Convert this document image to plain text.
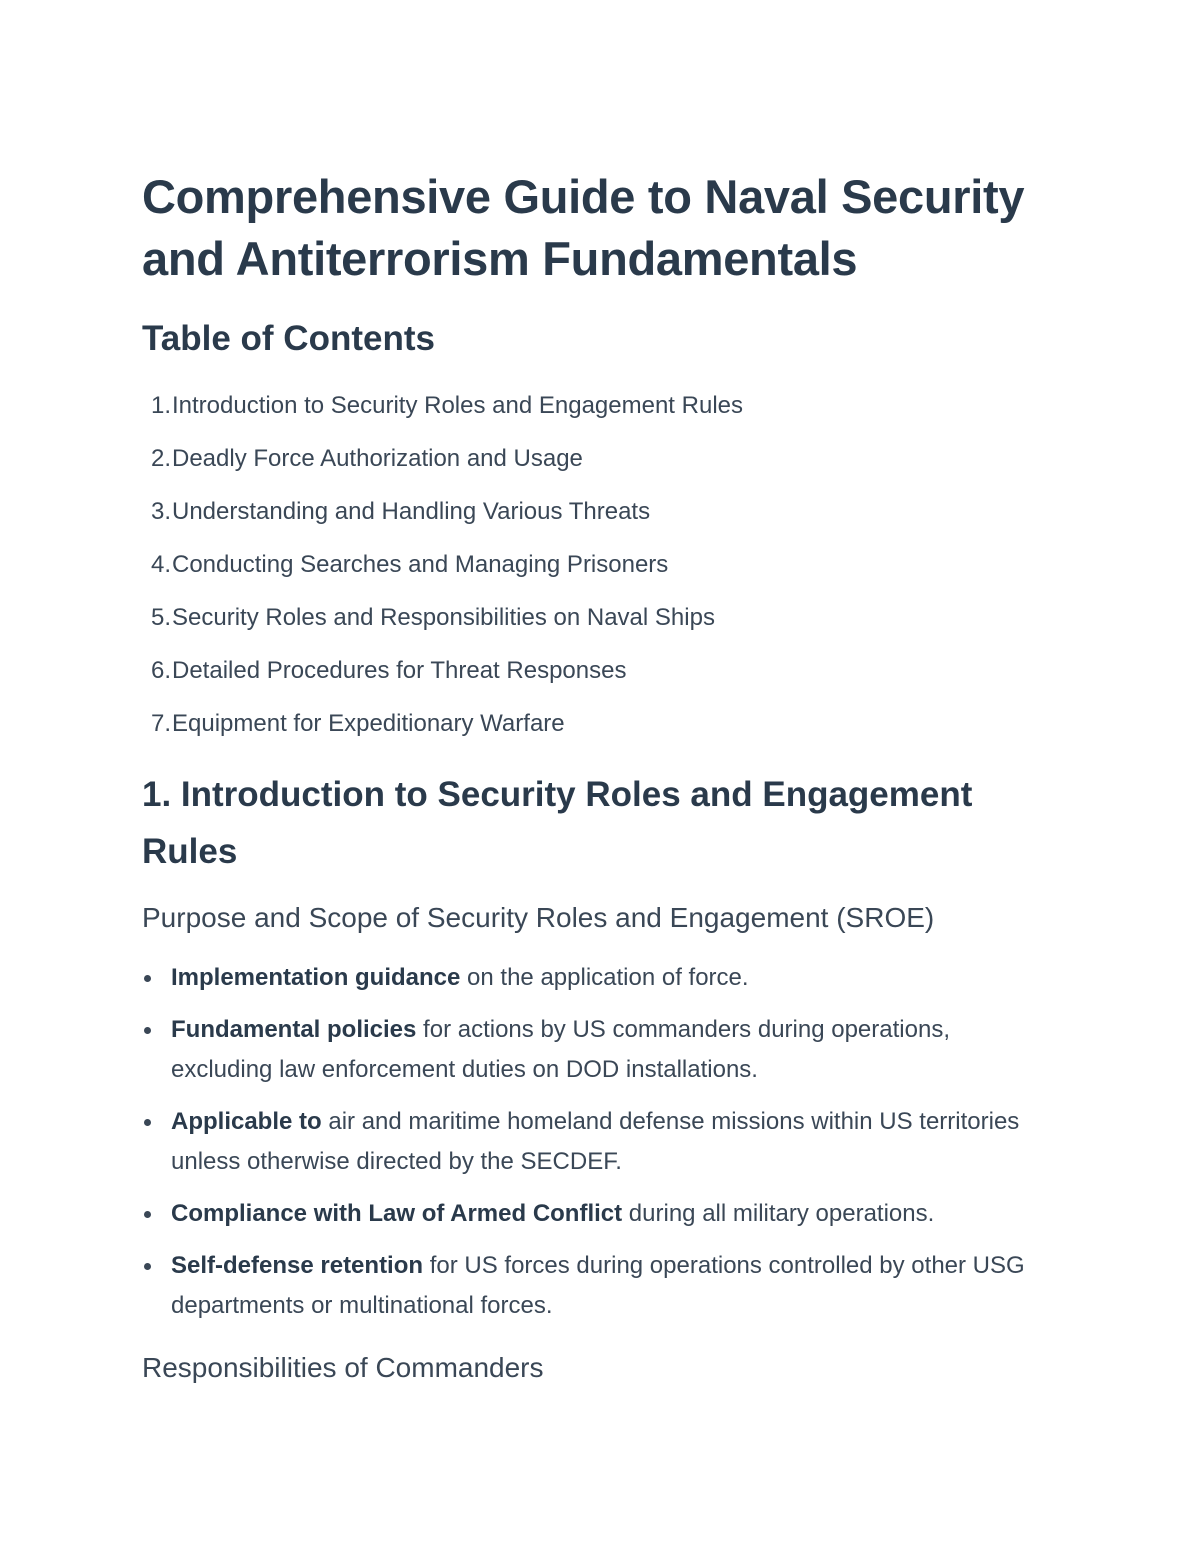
Comprehensive Guide to Naval Security and Antiterrorism Fundamentals
Table of Contents
1. Introduction to Security Roles and Engagement Rules
2. Deadly Force Authorization and Usage
3. Understanding and Handling Various Threats
4. Conducting Searches and Managing Prisoners
5. Security Roles and Responsibilities on Naval Ships
6. Detailed Procedures for Threat Responses
7. Equipment for Expeditionary Warfare
1. Introduction to Security Roles and Engagement Rules
Purpose and Scope of Security Roles and Engagement (SROE)
Implementation guidance on the application of force.
Fundamental policies for actions by US commanders during operations, excluding law enforcement duties on DOD installations.
Applicable to air and maritime homeland defense missions within US territories unless otherwise directed by the SECDEF.
Compliance with Law of Armed Conflict during all military operations.
Self-defense retention for US forces during operations controlled by other USG departments or multinational forces.
Responsibilities of Commanders
